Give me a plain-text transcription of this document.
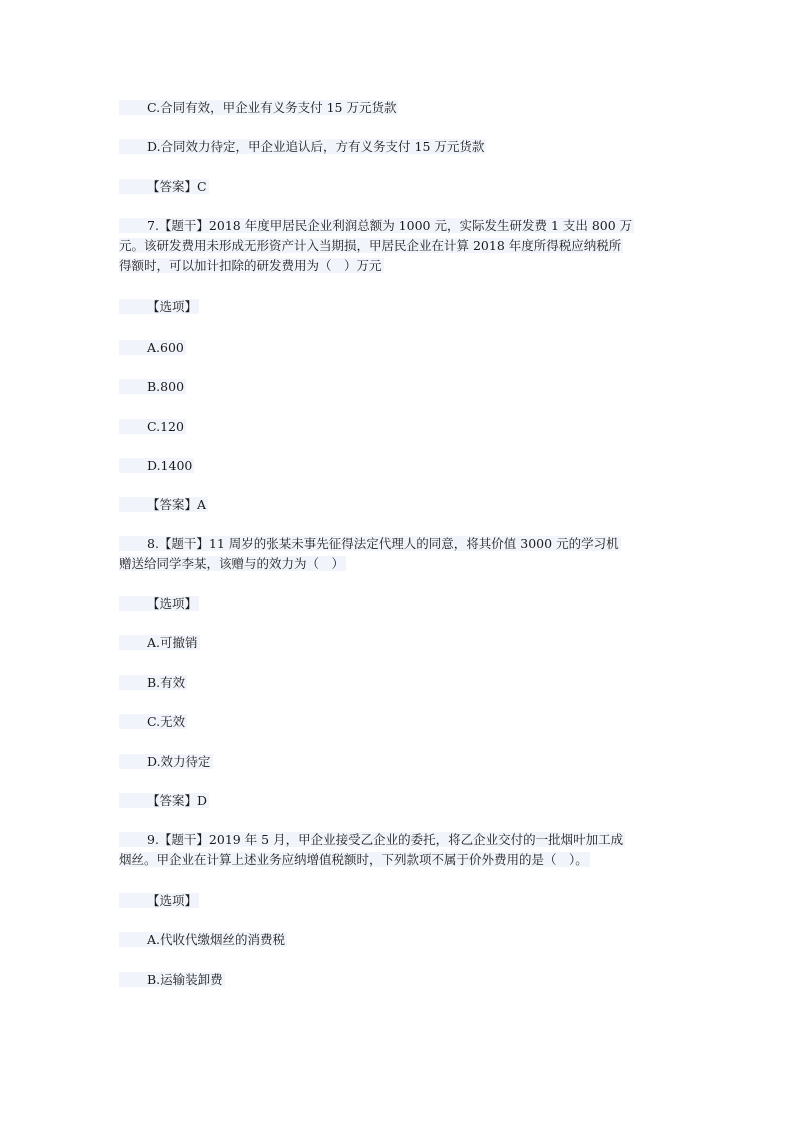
C.合同有效，甲企业有义务支付 15 万元货款
D.合同效力待定，甲企业追认后，方有义务支付 15 万元货款
【答案】C
7.【题干】2018 年度甲居民企业利润总额为 1000 元，实际发生研发费 1 支出 800 万
元。该研发费用未形成无形资产计入当期损，甲居民企业在计算 2018 年度所得税应纳税所
得额时，可以加计扣除的研发费用为（　）万元
【选项】
A.600
B.800
C.120
D.1400
【答案】A
8.【题干】11 周岁的张某未事先征得法定代理人的同意，将其价值 3000 元的学习机
赠送给同学李某，该赠与的效力为（　）
【选项】
A.可撤销
B.有效
C.无效
D.效力待定
【答案】D
9.【题干】2019 年 5 月，甲企业接受乙企业的委托，将乙企业交付的一批烟叶加工成
烟丝。甲企业在计算上述业务应纳增值税额时，下列款项不属于价外费用的是（　）。
【选项】
A.代收代缴烟丝的消费税
B.运输装卸费
